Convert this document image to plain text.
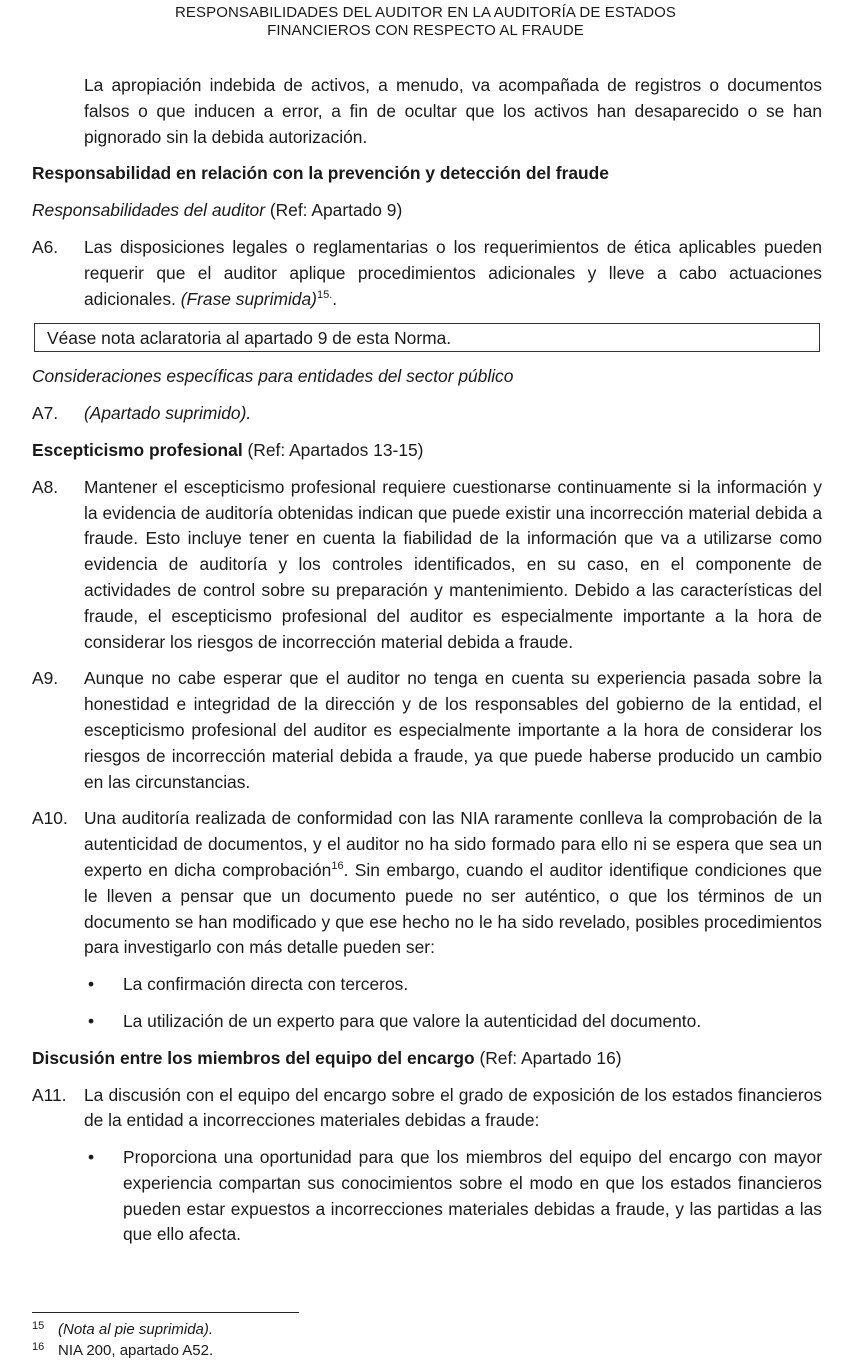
RESPONSABILIDADES DEL AUDITOR EN LA AUDITORÍA DE ESTADOS
FINANCIEROS CON RESPECTO AL FRAUDE
La apropiación indebida de activos, a menudo, va acompañada de registros o documentos falsos o que inducen a error, a fin de ocultar que los activos han desaparecido o se han pignorado sin la debida autorización.
Responsabilidad en relación con la prevención y detección del fraude
Responsabilidades del auditor (Ref: Apartado 9)
A6.	Las disposiciones legales o reglamentarias o los requerimientos de ética aplicables pueden requerir que el auditor aplique procedimientos adicionales y lleve a cabo actuaciones adicionales. (Frase suprimida)$^{15.}$.
Véase nota aclaratoria al apartado 9 de esta Norma.
Consideraciones específicas para entidades del sector público
A7.	(Apartado suprimido).
Escepticismo profesional (Ref: Apartados 13-15)
A8.	Mantener el escepticismo profesional requiere cuestionarse continuamente si la información y la evidencia de auditoría obtenidas indican que puede existir una incorrección material debida a fraude. Esto incluye tener en cuenta la fiabilidad de la información que va a utilizarse como evidencia de auditoría y los controles identificados, en su caso, en el componente de actividades de control sobre su preparación y mantenimiento. Debido a las características del fraude, el escepticismo profesional del auditor es especialmente importante a la hora de considerar los riesgos de incorrección material debida a fraude.
A9.	Aunque no cabe esperar que el auditor no tenga en cuenta su experiencia pasada sobre la honestidad e integridad de la dirección y de los responsables del gobierno de la entidad, el escepticismo profesional del auditor es especialmente importante a la hora de considerar los riesgos de incorrección material debida a fraude, ya que puede haberse producido un cambio en las circunstancias.
A10. Una auditoría realizada de conformidad con las NIA raramente conlleva la comprobación de la autenticidad de documentos, y el auditor no ha sido formado para ello ni se espera que sea un experto en dicha comprobación$^{16}$. Sin embargo, cuando el auditor identifique condiciones que le lleven a pensar que un documento puede no ser auténtico, o que los términos de un documento se han modificado y que ese hecho no le ha sido revelado, posibles procedimientos para investigarlo con más detalle pueden ser:
•	La confirmación directa con terceros.
•	La utilización de un experto para que valore la autenticidad del documento.
Discusión entre los miembros del equipo del encargo (Ref: Apartado 16)
A11.	La discusión con el equipo del encargo sobre el grado de exposición de los estados financieros de la entidad a incorrecciones materiales debidas a fraude:
•	Proporciona una oportunidad para que los miembros del equipo del encargo con mayor experiencia compartan sus conocimientos sobre el modo en que los estados financieros pueden estar expuestos a incorrecciones materiales debidas a fraude, y las partidas a las que ello afecta.
15 (Nota al pie suprimida).
16 NIA 200, apartado A52.
